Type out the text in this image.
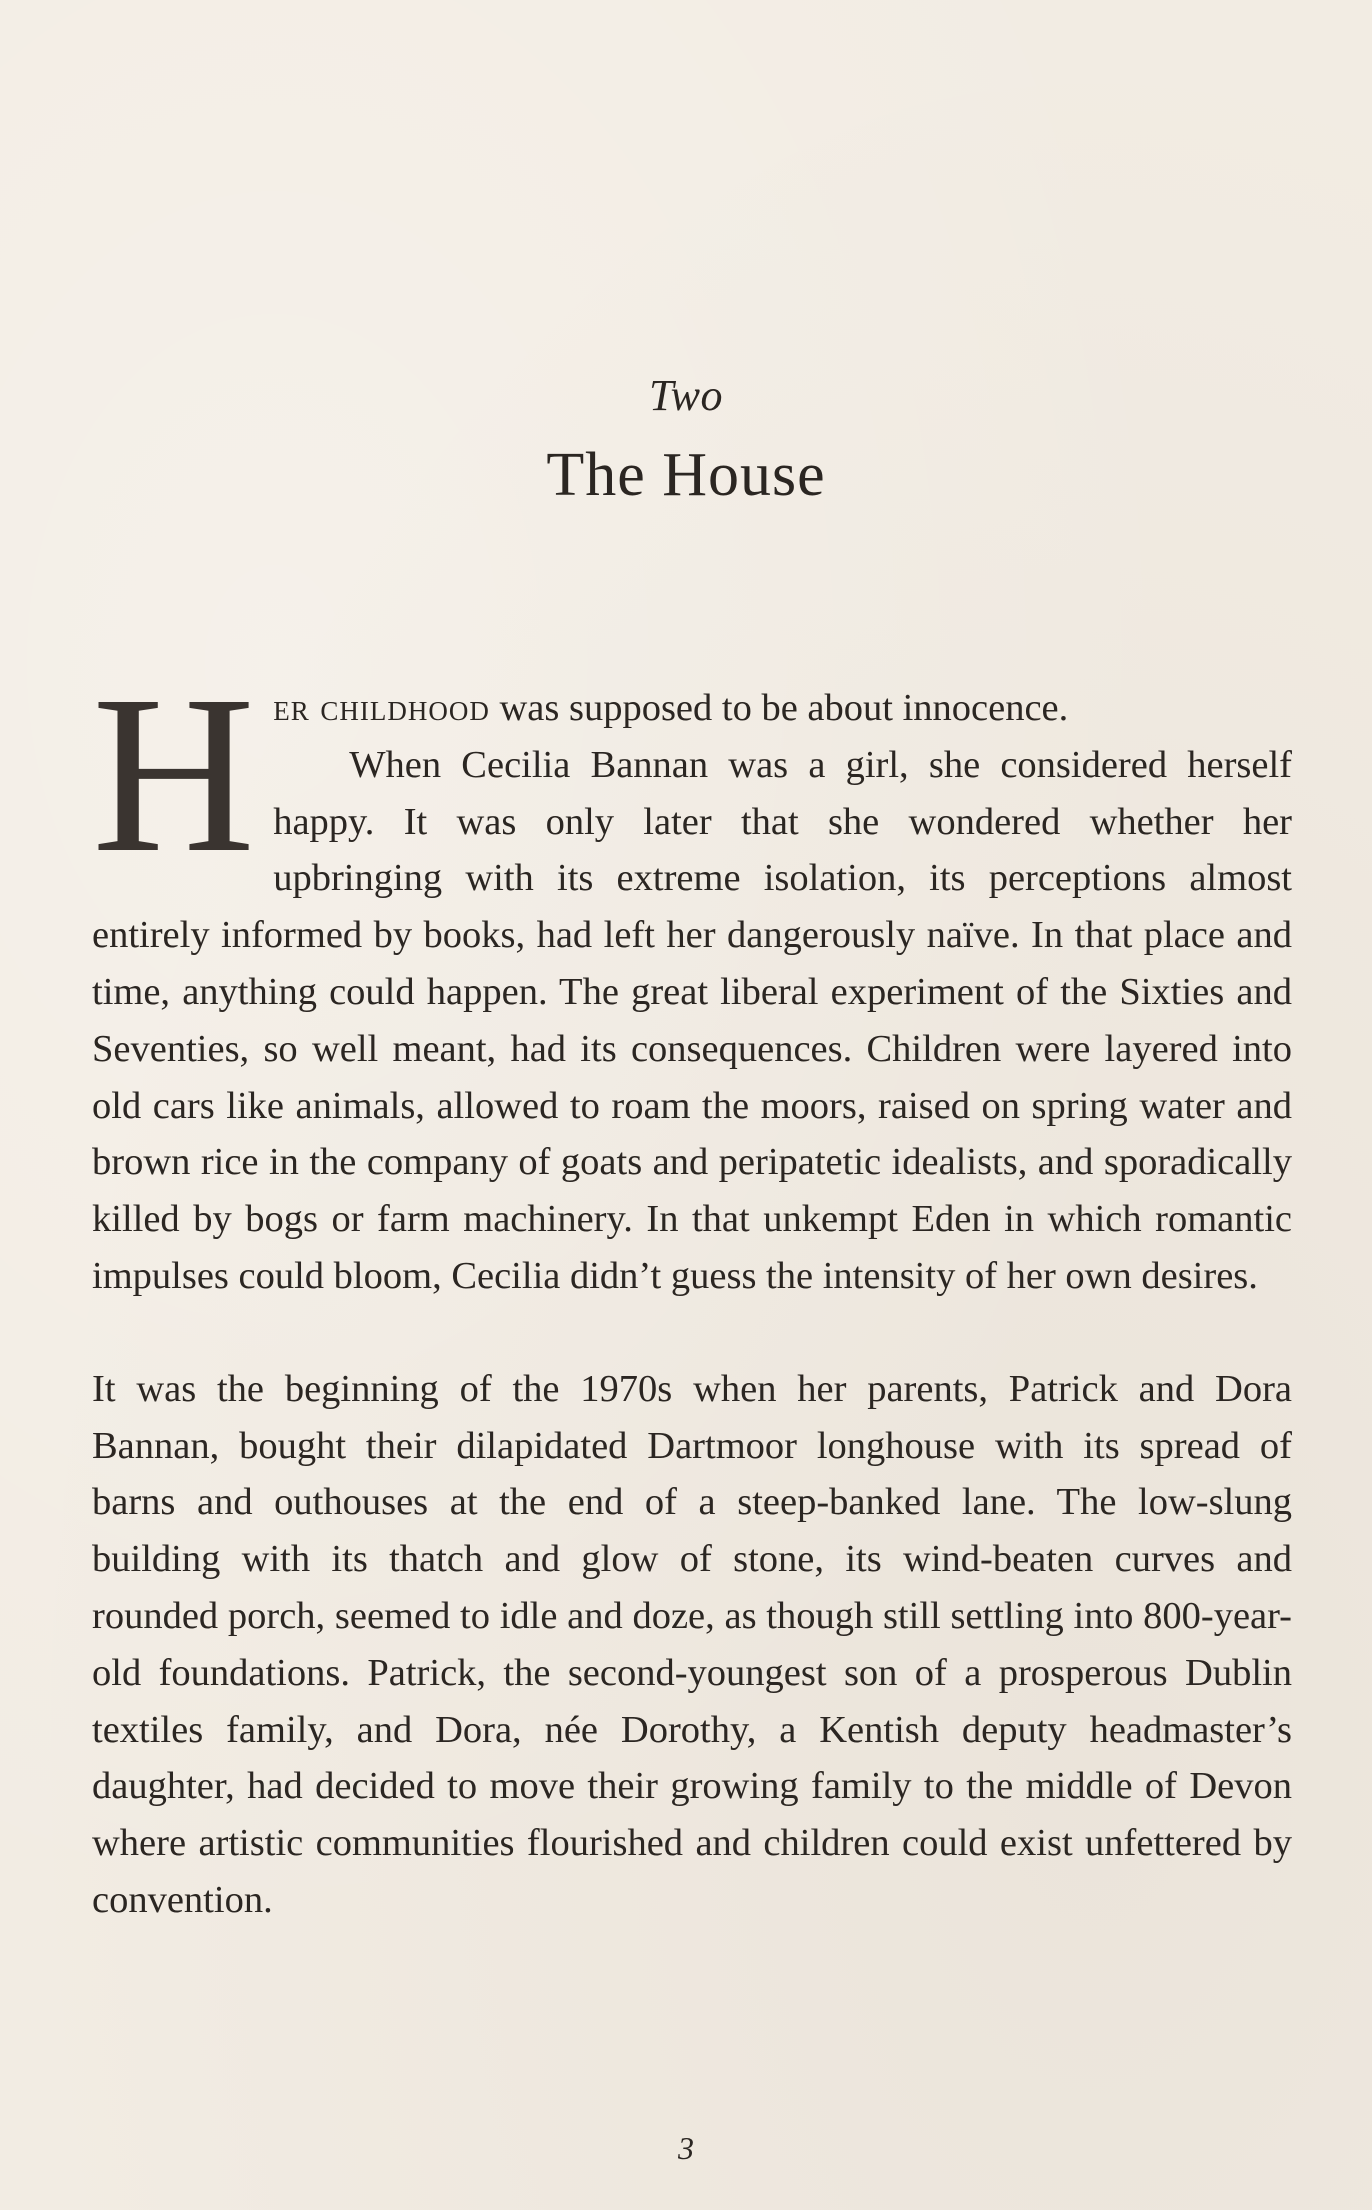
Two
The House

Her childhood was supposed to be about innocence.
When Cecilia Bannan was a girl, she considered herself happy. It was only later that she wondered whether her upbringing with its extreme isolation, its perceptions almost entirely informed by books, had left her dangerously naïve. In that place and time, anything could happen. The great liberal experiment of the Sixties and Seventies, so well meant, had its consequences. Children were layered into old cars like animals, allowed to roam the moors, raised on spring water and brown rice in the company of goats and peripatetic idealists, and sporadically killed by bogs or farm machinery. In that unkempt Eden in which romantic impulses could bloom, Cecilia didn’t guess the intensity of her own desires.

It was the beginning of the 1970s when her parents, Patrick and Dora Bannan, bought their dilapidated Dartmoor longhouse with its spread of barns and outhouses at the end of a steep-banked lane. The low-slung building with its thatch and glow of stone, its wind-beaten curves and rounded porch, seemed to idle and doze, as though still settling into 800-year-old foundations. Patrick, the second-youngest son of a prosperous Dublin textiles family, and Dora, née Dorothy, a Kentish deputy headmaster’s daughter, had decided to move their growing family to the middle of Devon where artistic communities flourished and children could exist unfettered by convention.

3
